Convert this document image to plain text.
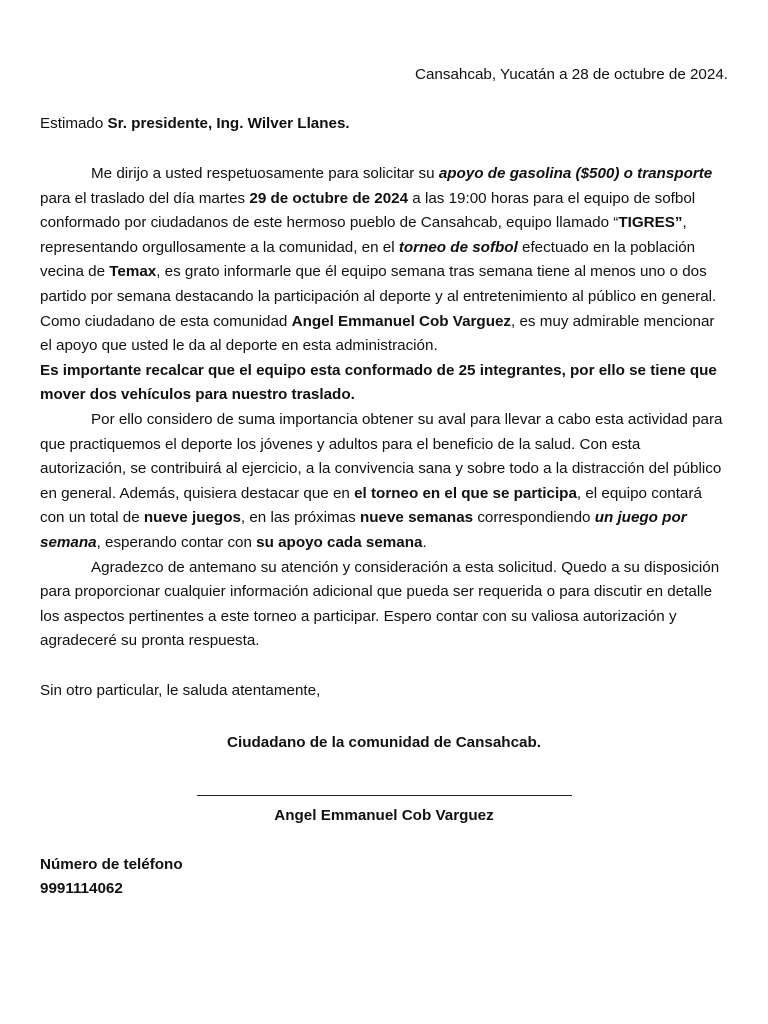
Cansahcab, Yucatán a 28 de octubre de 2024.
Estimado Sr. presidente, Ing. Wilver Llanes.

Me dirijo a usted respetuosamente para solicitar su apoyo de gasolina ($500) o transporte para el traslado del día martes 29 de octubre de 2024 a las 19:00 horas para el equipo de sofbol conformado por ciudadanos de este hermoso pueblo de Cansahcab, equipo llamado “TIGRES”, representando orgullosamente a la comunidad, en el torneo de sofbol efectuado en la población vecina de Temax, es grato informarle que él equipo semana tras semana tiene al menos uno o dos partido por semana destacando la participación al deporte y al entretenimiento al público en general. Como ciudadano de esta comunidad Angel Emmanuel Cob Varguez, es muy admirable mencionar el apoyo que usted le da al deporte en esta administración.

Es importante recalcar que el equipo esta conformado de 25 integrantes, por ello se tiene que mover dos vehículos para nuestro traslado.

Por ello considero de suma importancia obtener su aval para llevar a cabo esta actividad para que practiquemos el deporte los jóvenes y adultos para el beneficio de la salud. Con esta autorización, se contribuirá al ejercicio, a la convivencia sana y sobre todo a la distracción del público en general. Además, quisiera destacar que en el torneo en el que se participa, el equipo contará con un total de nueve juegos, en las próximas nueve semanas correspondiendo un juego por semana, esperando contar con su apoyo cada semana.

Agradezco de antemano su atención y consideración a esta solicitud. Quedo a su disposición para proporcionar cualquier información adicional que pueda ser requerida o para discutir en detalle los aspectos pertinentes a este torneo a participar. Espero contar con su valiosa autorización y agradeceré su pronta respuesta.

Sin otro particular, le saluda atentamente,
Ciudadano de la comunidad de Cansahcab.
Angel Emmanuel Cob Varguez
Número de teléfono
9991114062
